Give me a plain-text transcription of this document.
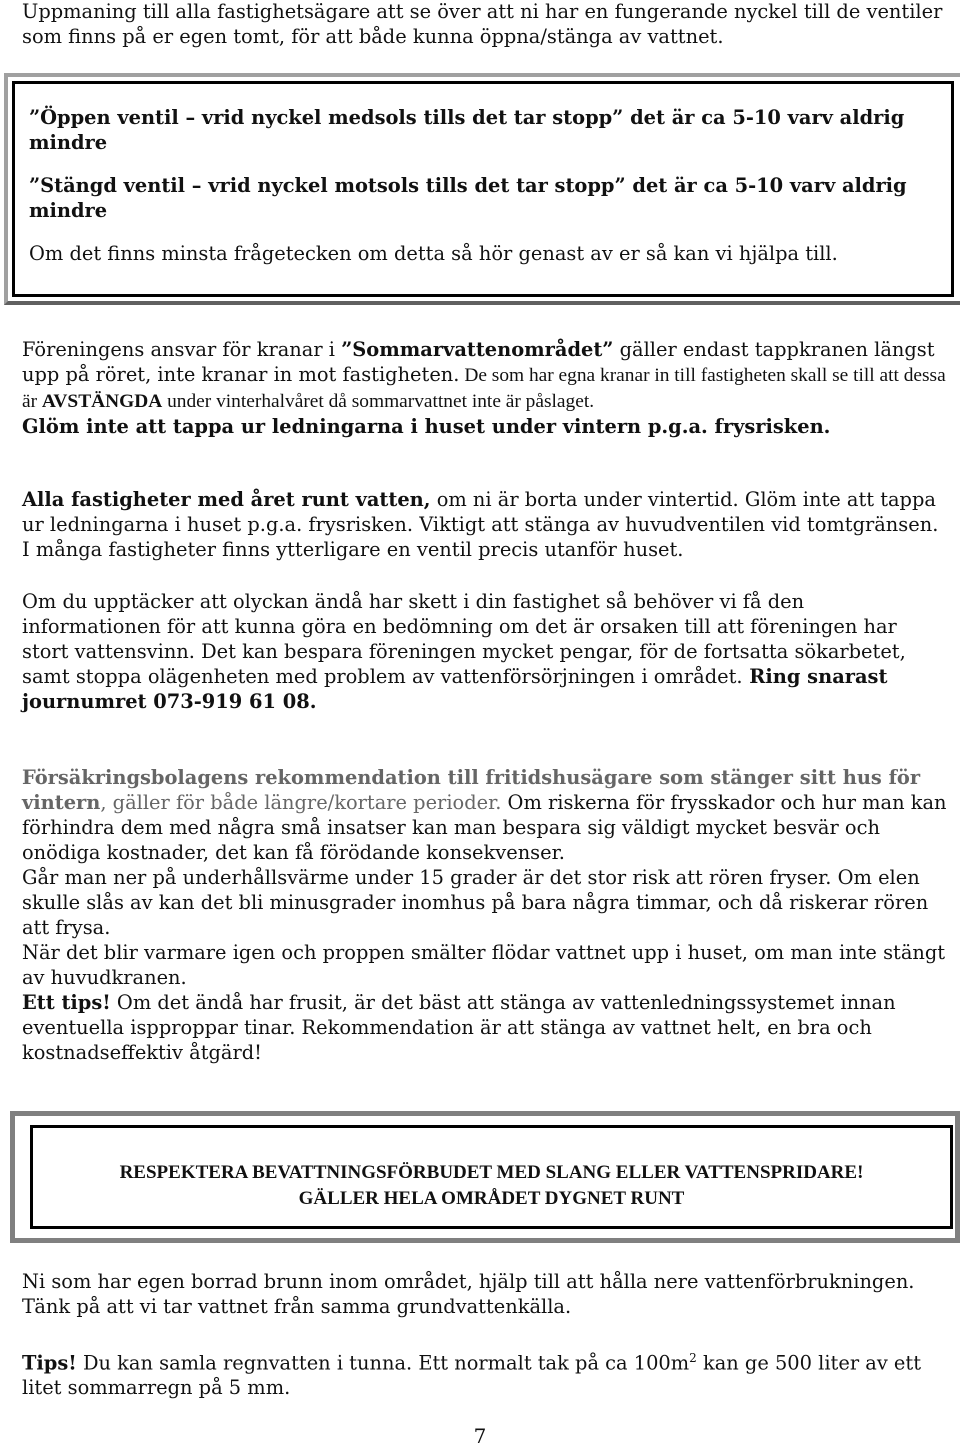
Uppmaning till alla fastighetsägare att se över att ni har en fungerande nyckel till de ventiler som finns på er egen tomt, för att både kunna öppna/stänga av vattnet.

”Öppen ventil – vrid nyckel medsols tills det tar stopp” det är ca 5-10 varv aldrig mindre

”Stängd ventil – vrid nyckel motsols tills det tar stopp” det är ca 5-10 varv aldrig mindre

Om det finns minsta frågetecken om detta så hör genast av er så kan vi hjälpa till.

Föreningens ansvar för kranar i ”Sommarvattenområdet” gäller endast tappkranen längst upp på röret, inte kranar in mot fastigheten. De som har egna kranar in till fastigheten skall se till att dessa är AVSTÄNGDA under vinterhalvåret då sommarvattnet inte är påslaget.

Glöm inte att tappa ur ledningarna i huset under vintern p.g.a. frysrisken.

Alla fastigheter med året runt vatten, om ni är borta under vintertid. Glöm inte att tappa ur ledningarna i huset p.g.a. frysrisken. Viktigt att stänga av huvudventilen vid tomtgränsen. I många fastigheter finns ytterligare en ventil precis utanför huset.

Om du upptäcker att olyckan ändå har skett i din fastighet så behöver vi få den informationen för att kunna göra en bedömning om det är orsaken till att föreningen har stort vattensvinn. Det kan bespara föreningen mycket pengar, för de fortsatta sökarbetet, samt stoppa olägenheten med problem av vattenförsörjningen i området. Ring snarast journumret 073-919 61 08.

Försäkringsbolagens rekommendation till fritidshusägare som stänger sitt hus för vintern, gäller för både längre/kortare perioder. Om riskerna för frysskador och hur man kan förhindra dem med några små insatser kan man bespara sig väldigt mycket besvär och onödiga kostnader, det kan få förödande konsekvenser.

Går man ner på underhållsvärme under 15 grader är det stor risk att rören fryser. Om elen skulle slås av kan det bli minusgrader inomhus på bara några timmar, och då riskerar rören att frysa.

När det blir varmare igen och proppen smälter flödar vattnet upp i huset, om man inte stängt av huvudkranen.

Ett tips! Om det ändå har frusit, är det bäst att stänga av vattenledningssystemet innan eventuella ispproppar tinar. Rekommendation är att stänga av vattnet helt, en bra och kostnadseffektiv åtgärd!

RESPEKTERA BEVATTNINGSFÖRBUDET MED SLANG ELLER VATTENSPRIDARE!
GÄLLER HELA OMRÅDET DYGNET RUNT

Ni som har egen borrad brunn inom området, hjälp till att hålla nere vattenförbrukningen. Tänk på att vi tar vattnet från samma grundvattenkälla.

Tips! Du kan samla regnvatten i tunna. Ett normalt tak på ca $100m^2$ kan ge 500 liter av ett litet sommarregn på 5 mm.

7
